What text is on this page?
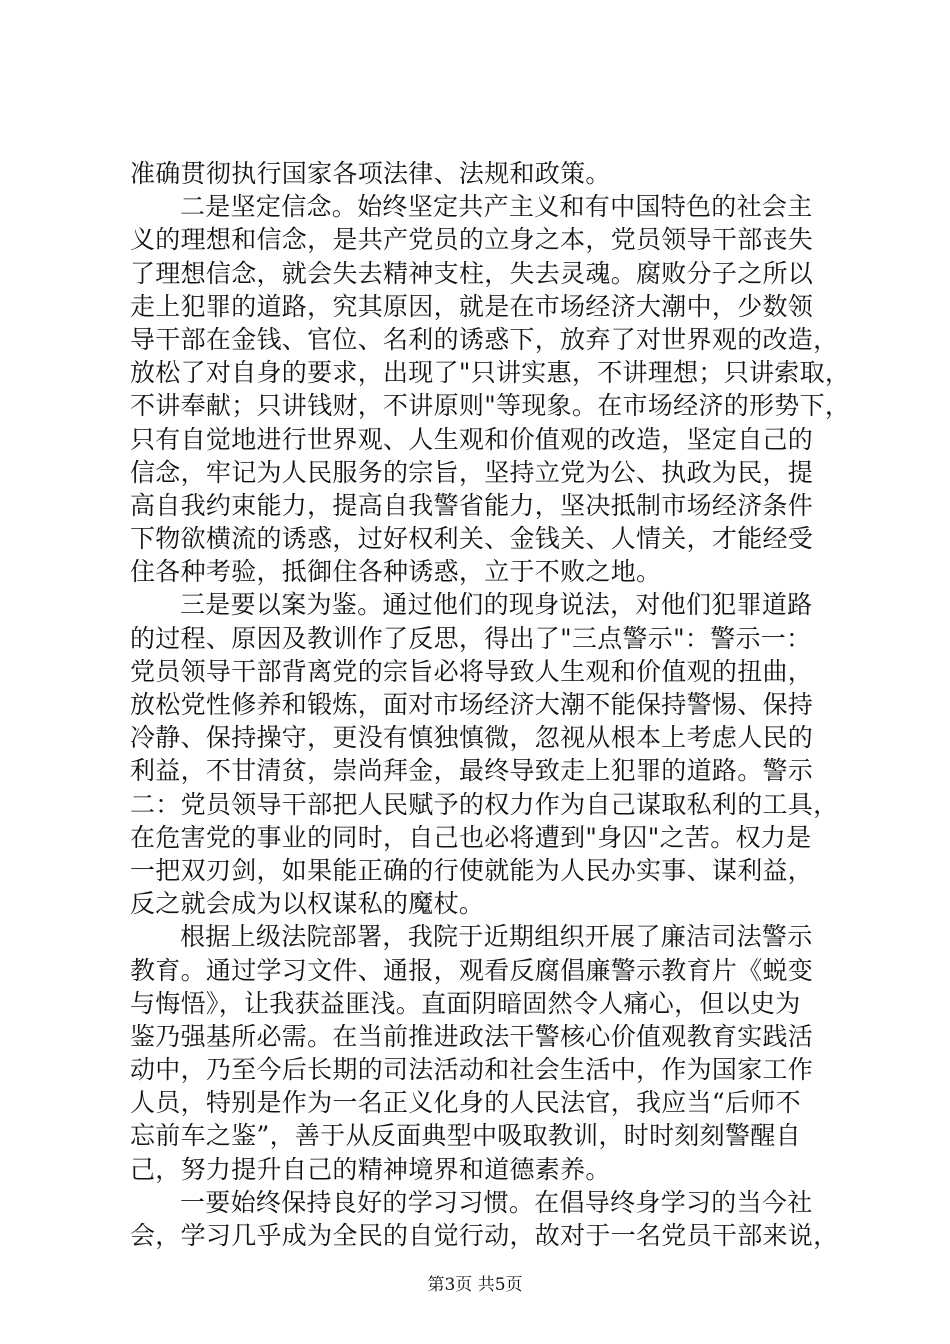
准确贯彻执行国家各项法律、法规和政策。
二是坚定信念。始终坚定共产主义和有中国特色的社会主
义的理想和信念，是共产党员的立身之本，党员领导干部丧失
了理想信念，就会失去精神支柱，失去灵魂。腐败分子之所以
走上犯罪的道路，究其原因，就是在市场经济大潮中，少数领
导干部在金钱、官位、名利的诱惑下，放弃了对世界观的改造，
放松了对自身的要求，出现了"只讲实惠，不讲理想；只讲索取，
不讲奉献；只讲钱财，不讲原则"等现象。在市场经济的形势下，
只有自觉地进行世界观、人生观和价值观的改造，坚定自己的
信念，牢记为人民服务的宗旨，坚持立党为公、执政为民，提
高自我约束能力，提高自我警省能力，坚决抵制市场经济条件
下物欲横流的诱惑，过好权利关、金钱关、人情关，才能经受
住各种考验，抵御住各种诱惑，立于不败之地。
三是要以案为鉴。通过他们的现身说法，对他们犯罪道路
的过程、原因及教训作了反思，得出了"三点警示"：警示一：
党员领导干部背离党的宗旨必将导致人生观和价值观的扭曲，
放松党性修养和锻炼，面对市场经济大潮不能保持警惕、保持
冷静、保持操守，更没有慎独慎微，忽视从根本上考虑人民的
利益，不甘清贫，崇尚拜金，最终导致走上犯罪的道路。警示
二：党员领导干部把人民赋予的权力作为自己谋取私利的工具，
在危害党的事业的同时，自己也必将遭到"身囚"之苦。权力是
一把双刃剑，如果能正确的行使就能为人民办实事、谋利益，
反之就会成为以权谋私的魔杖。
根据上级法院部署，我院于近期组织开展了廉洁司法警示
教育。通过学习文件、通报，观看反腐倡廉警示教育片《蜕变
与悔悟》，让我获益匪浅。直面阴暗固然令人痛心，但以史为
鉴乃强基所必需。在当前推进政法干警核心价值观教育实践活
动中，乃至今后长期的司法活动和社会生活中，作为国家工作
人员，特别是作为一名正义化身的人民法官，我应当“后师不
忘前车之鉴”，善于从反面典型中吸取教训，时时刻刻警醒自
己，努力提升自己的精神境界和道德素养。
一要始终保持良好的学习习惯。在倡导终身学习的当今社
会，学习几乎成为全民的自觉行动，故对于一名党员干部来说，
第3页 共5页
